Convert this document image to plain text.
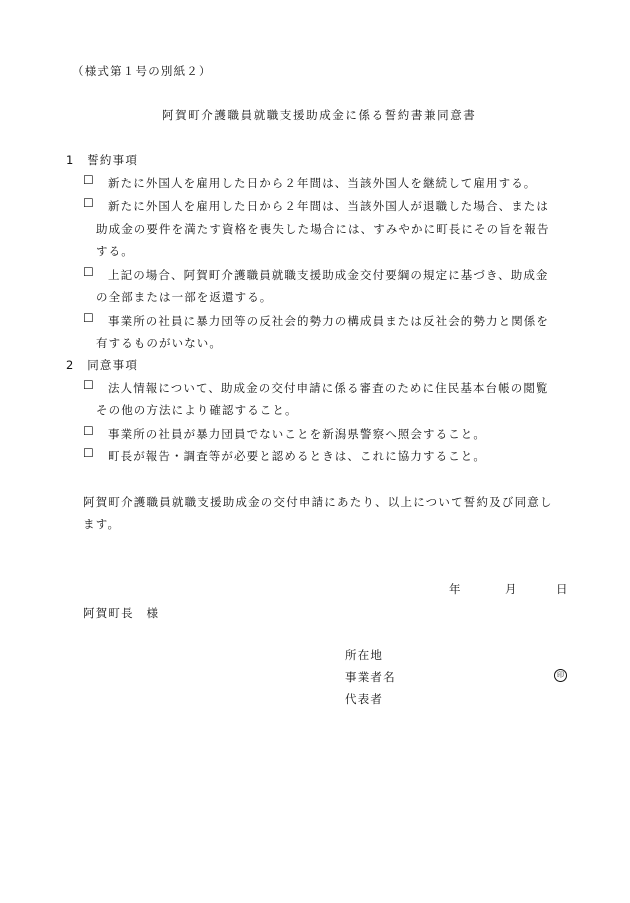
（様式第１号の別紙２）
阿賀町介護職員就職支援助成金に係る誓約書兼同意書
1　誓約事項
☐ 新たに外国人を雇用した日から２年間は、当該外国人を継続して雇用する。
☐ 新たに外国人を雇用した日から２年間は、当該外国人が退職した場合、または
助成金の要件を満たす資格を喪失した場合には、すみやかに町長にその旨を報告
する。
☐ 上記の場合、阿賀町介護職員就職支援助成金交付要綱の規定に基づき、助成金
の全部または一部を返還する。
☐ 事業所の社員に暴力団等の反社会的勢力の構成員または反社会的勢力と関係を
有するものがいない。
2　同意事項
☐ 法人情報について、助成金の交付申請に係る審査のために住民基本台帳の閲覧
その他の方法により確認すること。
☐ 事業所の社員が暴力団員でないことを新潟県警察へ照会すること。
☐ 町長が報告・調査等が必要と認めるときは、これに協力すること。
阿賀町介護職員就職支援助成金の交付申請にあたり、以上について誓約及び同意し
ます。
年	月	日
阿賀町長　様
所在地
事業者名	印
代表者
